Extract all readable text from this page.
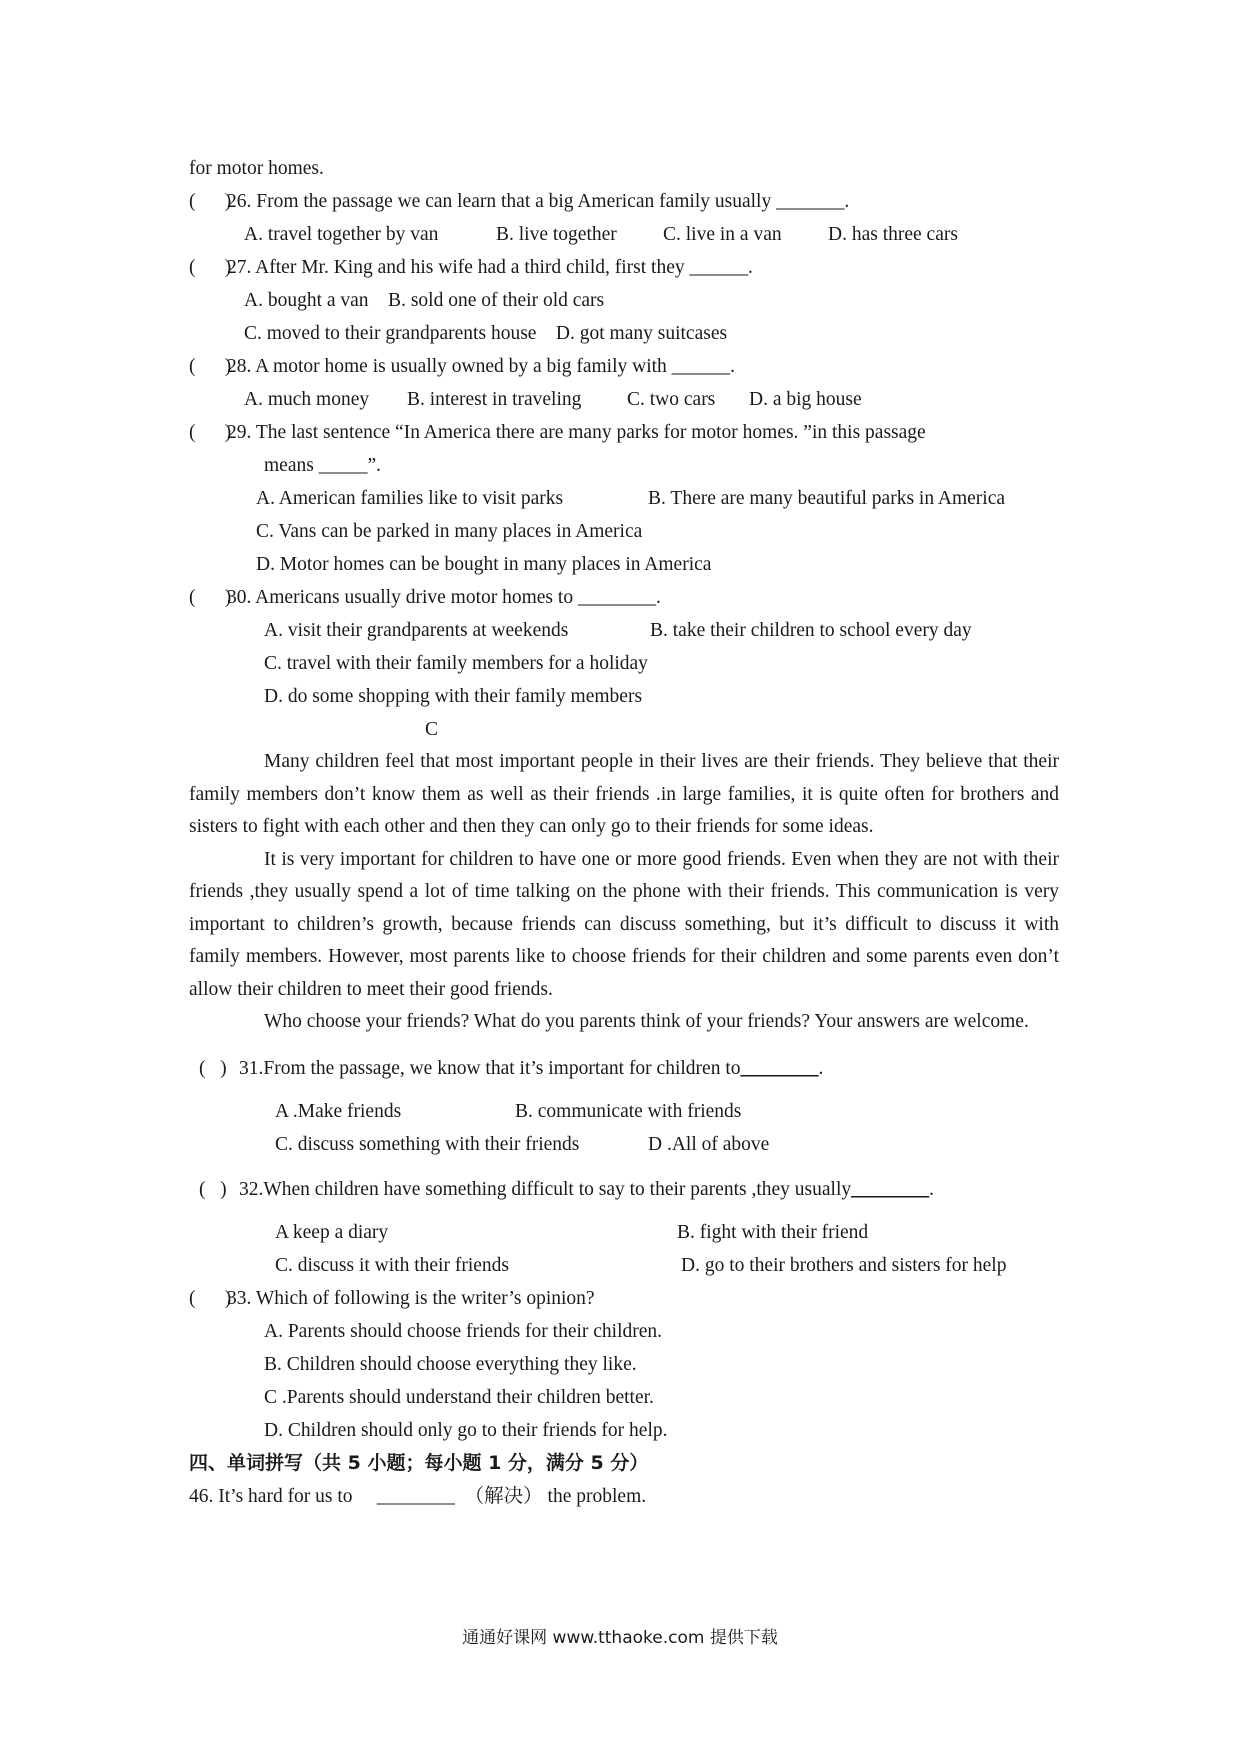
for motor homes.
(      )
26. From the passage we can learn that a big American family usually _______.
A. travel together by van	B. live together	C. live in a van	D. has three cars
(      )
27. After Mr. King and his wife had a third child, first they ______.
A. bought a van    B. sold one of their old cars
C. moved to their grandparents house    D. got many suitcases
(      )
28. A motor home is usually owned by a big family with ______.
A. much money	B. interest in traveling	C. two cars	D. a big house
(      )
29. The last sentence “In America there are many parks for motor homes. ”in this passage
means _____”.
A. American families like to visit parks	B. There are many beautiful parks in America
C. Vans can be parked in many places in America
D. Motor homes can be bought in many places in America
(      )
30. Americans usually drive motor homes to ________.
A. visit their grandparents at weekends	B. take their children to school every day
C. travel with their family members for a holiday
D. do some shopping with their family members
C
Many children feel that most important people in their lives are their friends. They believe that their family members don’t know them as well as their friends .in large families, it is quite often for brothers and sisters to fight with each other and then they can only go to their friends for some ideas.
It is very important for children to have one or more good friends. Even when they are not with their friends ,they usually spend a lot of time talking on the phone with their friends. This communication is very important to children’s growth, because friends can discuss something, but it’s difficult to discuss it with family members. However, most parents like to choose friends for their children and some parents even don’t allow their children to meet their good friends.
Who choose your friends? What do you parents think of your friends? Your answers are welcome.
(   ) 31.From the passage, we know that it’s important for children to ________ .
A .Make friends	B. communicate with friends
C. discuss something with their friends	D .All of above
(   ) 32.When children have something difficult to say to their parents ,they usually ________ .
A keep a diary	B. fight with their friend
C. discuss it with their friends	D. go to their brothers and sisters for help
(      )
33. Which of following is the writer’s opinion?
A. Parents should choose friends for their children.
B. Children should choose everything they like.
C .Parents should understand their children better.
D. Children should only go to their friends for help.
四、单词拼写（共 5 小题；每小题 1 分，满分 5 分）
46. It’s hard for us to     ________  （解决） the problem.
通通好课网 www.tthaoke.com 提供下载
